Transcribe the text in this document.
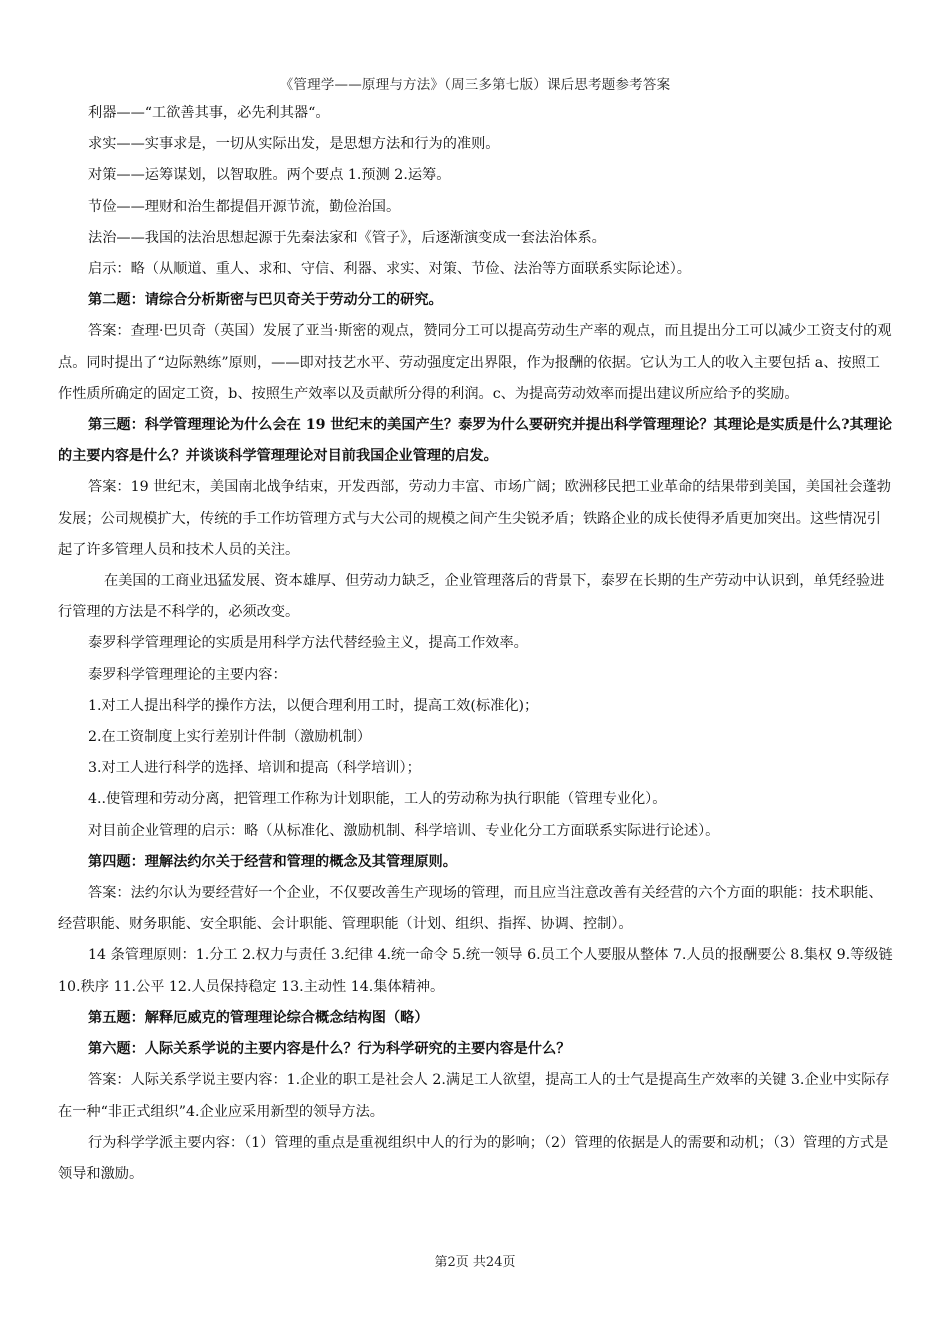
《管理学——原理与方法》（周三多第七版）课后思考题参考答案

利器——“工欲善其事，必先利其器“。

求实——实事求是，一切从实际出发，是思想方法和行为的准则。

对策——运筹谋划，以智取胜。两个要点 1.预测 2.运筹。

节俭——理财和治生都提倡开源节流，勤俭治国。

法治——我国的法治思想起源于先秦法家和《管子》，后逐渐演变成一套法治体系。

启示：略（从顺道、重人、求和、守信、利器、求实、对策、节俭、法治等方面联系实际论述）。

第二题：请综合分析斯密与巴贝奇关于劳动分工的研究。

答案：查理·巴贝奇（英国）发展了亚当·斯密的观点，赞同分工可以提高劳动生产率的观点，而且提出分工可以减少工资支付的观点。同时提出了“边际熟练”原则，——即对技艺水平、劳动强度定出界限，作为报酬的依据。它认为工人的收入主要包括 a、按照工作性质所确定的固定工资，b、按照生产效率以及贡献所分得的利润。c、为提高劳动效率而提出建议所应给予的奖励。

第三题：科学管理理论为什么会在 19 世纪末的美国产生？泰罗为什么要研究并提出科学管理理论？其理论是实质是什么?其理论的主要内容是什么？并谈谈科学管理理论对目前我国企业管理的启发。

答案：19 世纪末，美国南北战争结束，开发西部，劳动力丰富、市场广阔；欧洲移民把工业革命的结果带到美国，美国社会蓬勃发展；公司规模扩大，传统的手工作坊管理方式与大公司的规模之间产生尖锐矛盾；铁路企业的成长使得矛盾更加突出。这些情况引起了许多管理人员和技术人员的关注。

在美国的工商业迅猛发展、资本雄厚、但劳动力缺乏，企业管理落后的背景下，泰罗在长期的生产劳动中认识到，单凭经验进行管理的方法是不科学的，必须改变。

泰罗科学管理理论的实质是用科学方法代替经验主义，提高工作效率。

泰罗科学管理理论的主要内容：

1.对工人提出科学的操作方法，以便合理利用工时，提高工效(标准化)；

2.在工资制度上实行差别计件制（激励机制）

3.对工人进行科学的选择、培训和提高（科学培训）；

4..使管理和劳动分离，把管理工作称为计划职能，工人的劳动称为执行职能（管理专业化）。

对目前企业管理的启示：略（从标准化、激励机制、科学培训、专业化分工方面联系实际进行论述）。

第四题：理解法约尔关于经营和管理的概念及其管理原则。

答案：法约尔认为要经营好一个企业，不仅要改善生产现场的管理，而且应当注意改善有关经营的六个方面的职能：技术职能、经营职能、财务职能、安全职能、会计职能、管理职能（计划、组织、指挥、协调、控制）。

14 条管理原则：1.分工 2.权力与责任 3.纪律 4.统一命令 5.统一领导 6.员工个人要服从整体 7.人员的报酬要公 8.集权 9.等级链 10.秩序 11.公平 12.人员保持稳定 13.主动性 14.集体精神。

第五题：解释厄威克的管理理论综合概念结构图（略）

第六题：人际关系学说的主要内容是什么？行为科学研究的主要内容是什么？

答案：人际关系学说主要内容：1.企业的职工是社会人 2.满足工人欲望，提高工人的士气是提高生产效率的关键 3.企业中实际存在一种“非正式组织”4.企业应采用新型的领导方法。

行为科学学派主要内容：（1）管理的重点是重视组织中人的行为的影响；（2）管理的依据是人的需要和动机；（3）管理的方式是领导和激励。

第2页 共24页
